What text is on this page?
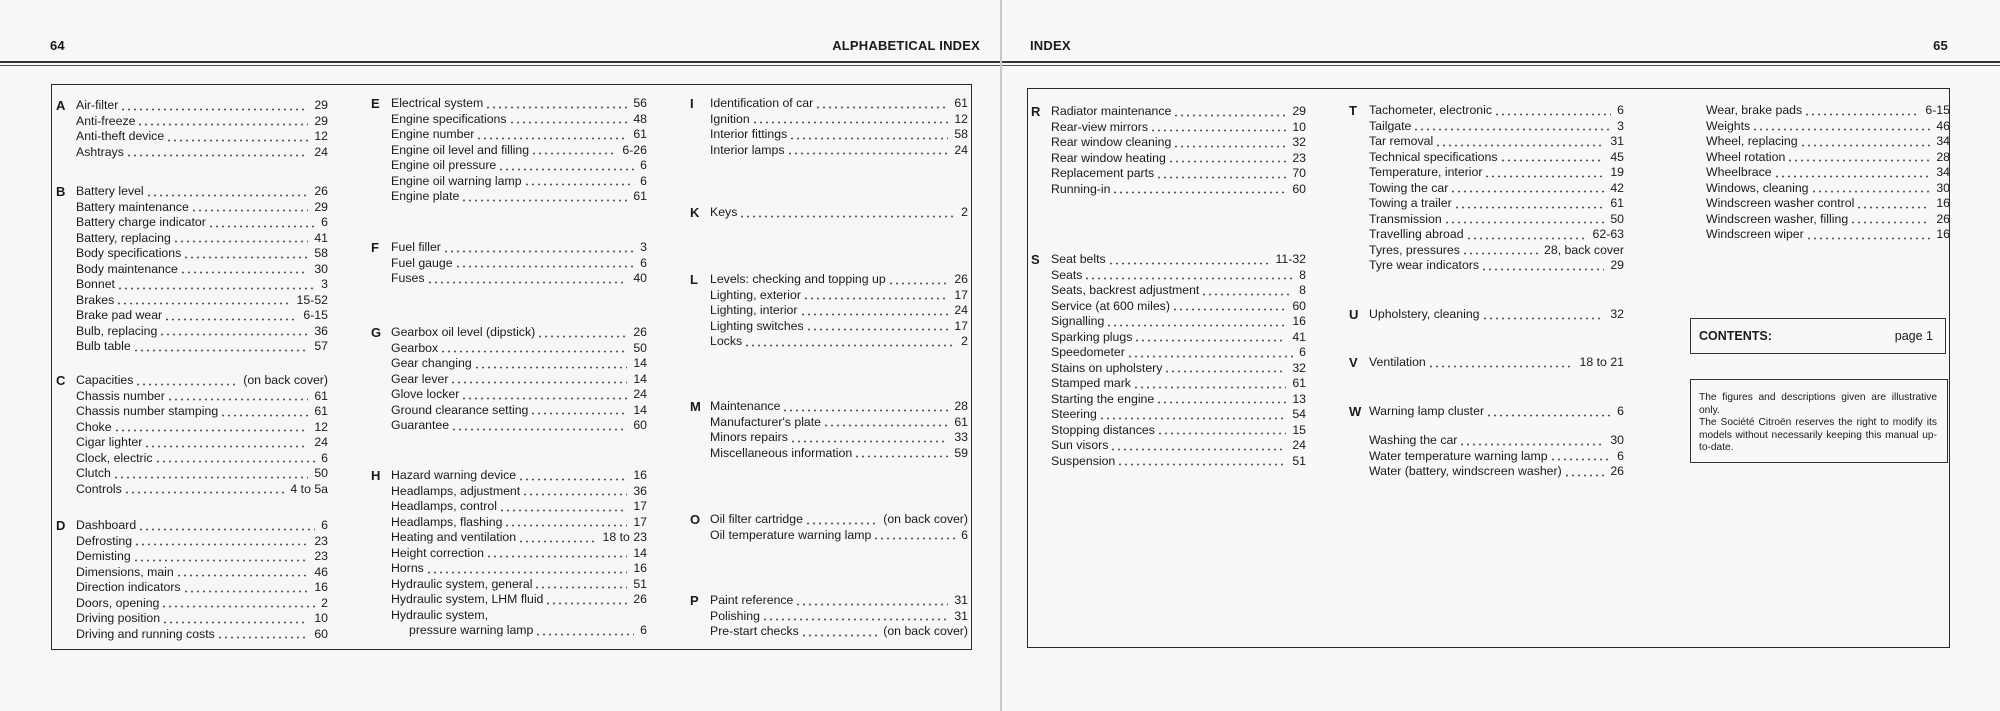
64	ALPHABETICAL INDEX
A Air-filter	29
Anti-freeze	29
Anti-theft device	12
Ashtrays	24
B Battery level	26
Battery maintenance	29
Battery charge indicator	6
Battery, replacing	41
Body specifications	58
Body maintenance	30
Bonnet	3
Brakes	15-52
Brake pad wear	6-15
Bulb, replacing	36
Bulb table	57
C Capacities	(on back cover)
Chassis number	61
Chassis number stamping	61
Choke	12
Cigar lighter	24
Clock, electric	6
Clutch	50
Controls	4 to 5a
D Dashboard	6
Defrosting	23
Demisting	23
Dimensions, main	46
Direction indicators	16
Doors, opening	2
Driving position	10
Driving and running costs	60
E Electrical system	56
Engine specifications	48
Engine number	61
Engine oil level and filling	6-26
Engine oil pressure	6
Engine oil warning lamp	6
Engine plate	61
F Fuel filler	3
Fuel gauge	6
Fuses	40
G Gearbox oil level (dipstick)	26
Gearbox	50
Gear changing	14
Gear lever	14
Glove locker	24
Ground clearance setting	14
Guarantee	60
H Hazard warning device	16
Headlamps, adjustment	36
Headlamps, control	17
Headlamps, flashing	17
Heating and ventilation	18 to 23
Height correction	14
Horns	16
Hydraulic system, general	51
Hydraulic system, LHM fluid	26
Hydraulic system,
pressure warning lamp	6
I	Identification of car	61
Ignition	12
Interior fittings	58
Interior lamps	24
K Keys	2
L Levels: checking and topping up	26
Lighting, exterior	17
Lighting, interior	24
Lighting switches	17
Locks	2
M Maintenance	28
Manufacturer's plate	61
Minors repairs	33
Miscellaneous information	59
O Oil filter cartridge	(on back cover)
Oil temperature warning lamp	6
P Paint reference	31
Polishing	31
Pre-start checks	(on back cover)
INDEX	65
R Radiator maintenance	29
Rear-view mirrors	10
Rear window cleaning	32
Rear window heating	23
Replacement parts	70
Running-in	60
S Seat belts	11-32
Seats	8
Seats, backrest adjustment	8
Service (at 600 miles)	60
Signalling	16
Sparking plugs	41
Speedometer	6
Stains on upholstery	32
Stamped mark	61
Starting the engine	13
Steering	54
Stopping distances	15
Sun visors	24
Suspension	51
T Tachometer, electronic	6
Tailgate	3
Tar removal	31
Technical specifications	45
Temperature, interior	19
Towing the car	42
Towing a trailer	61
Transmission	50
Travelling abroad	62-63
Tyres, pressures	28, back cover
Tyre wear indicators	29
U Upholstery, cleaning	32
V Ventilation	18 to 21
W Warning lamp cluster	6
Washing the car	30
Water temperature warning lamp	6
Water (battery, windscreen washer)	26
Wear, brake pads	6-15
Weights	46
Wheel, replacing	34
Wheel rotation	28
Wheelbrace	34
Windows, cleaning	30
Windscreen washer control	16
Windscreen washer, filling	26
Windscreen wiper	16
CONTENTS:	page 1

The figures and descriptions given are illustrative only.

The Société Citroën reserves the right to modify its models without necessarily keeping this manual up-to-date.
